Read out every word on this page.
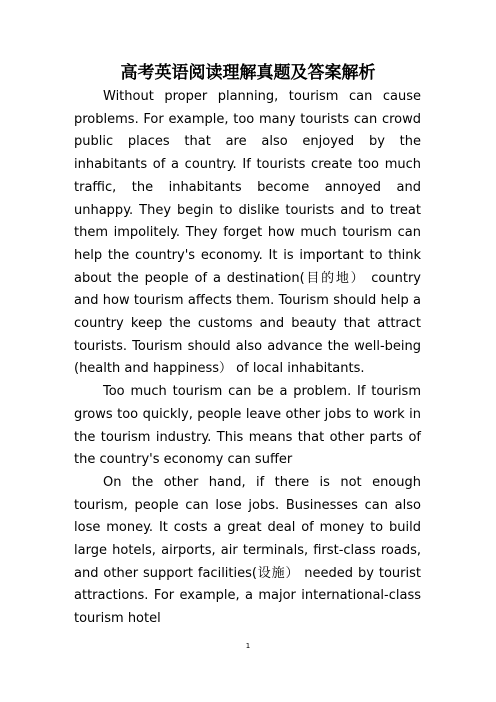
高考英语阅读理解真题及答案解析

Without proper planning, tourism can cause problems. For example, too many tourists can crowd public places that are also enjoyed by the inhabitants of a country. If tourists create too much traffic, the inhabitants become annoyed and unhappy. They begin to dislike tourists and to treat them impolitely. They forget how much tourism can help the country's economy. It is important to think about the people of a destination(目的地） country and how tourism affects them. Tourism should help a country keep the customs and beauty that attract tourists. Tourism should also advance the well-being (health and happiness） of local inhabitants.

Too much tourism can be a problem. If tourism grows too quickly, people leave other jobs to work in the tourism industry. This means that other parts of the country's economy can suffer

On the other hand, if there is not enough tourism, people can lose jobs. Businesses can also lose money. It costs a great deal of money to build large hotels, airports, air terminals, first-class roads, and other support facilities(设施） needed by tourist attractions. For example, a major international-class tourism hotel

1
